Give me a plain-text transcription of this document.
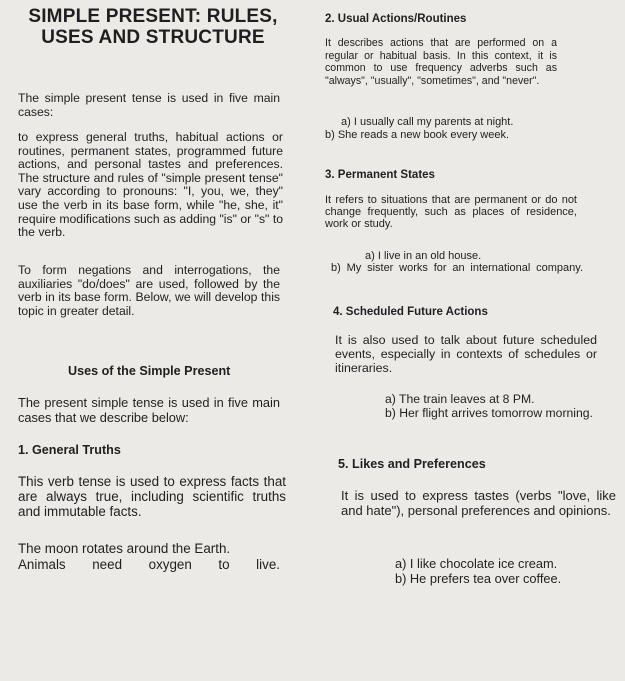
SIMPLE PRESENT: RULES, USES AND STRUCTURE

The simple present tense is used in five main cases:

to express general truths, habitual actions or routines, permanent states, programmed future actions, and personal tastes and preferences. The structure and rules of "simple present tense" vary according to pronouns: "I, you, we, they" use the verb in its base form, while "he, she, it" require modifications such as adding "is" or "s" to the verb.

To form negations and interrogations, the auxiliaries "do/does" are used, followed by the verb in its base form. Below, we will develop this topic in greater detail.

Uses of the Simple Present

The present simple tense is used in five main cases that we describe below:

1. General Truths

This verb tense is used to express facts that are always true, including scientific truths and immutable facts.

The moon rotates around the Earth.

Animals need oxygen to live.

2. Usual Actions/Routines

It describes actions that are performed on a regular or habitual basis. In this context, it is common to use frequency adverbs such as "always", "usually", "sometimes", and "never".

a) I usually call my parents at night.

b) She reads a new book every week.

3. Permanent States

It refers to situations that are permanent or do not change frequently, such as places of residence, work or study.

a) I live in an old house.

b) My sister works for an international company.

4. Scheduled Future Actions

It is also used to talk about future scheduled events, especially in contexts of schedules or itineraries.

a) The train leaves at 8 PM.

b) Her flight arrives tomorrow morning.

5. Likes and Preferences

It is used to express tastes (verbs "love, like and hate"), personal preferences and opinions.

a) I like chocolate ice cream.

b) He prefers tea over coffee.
